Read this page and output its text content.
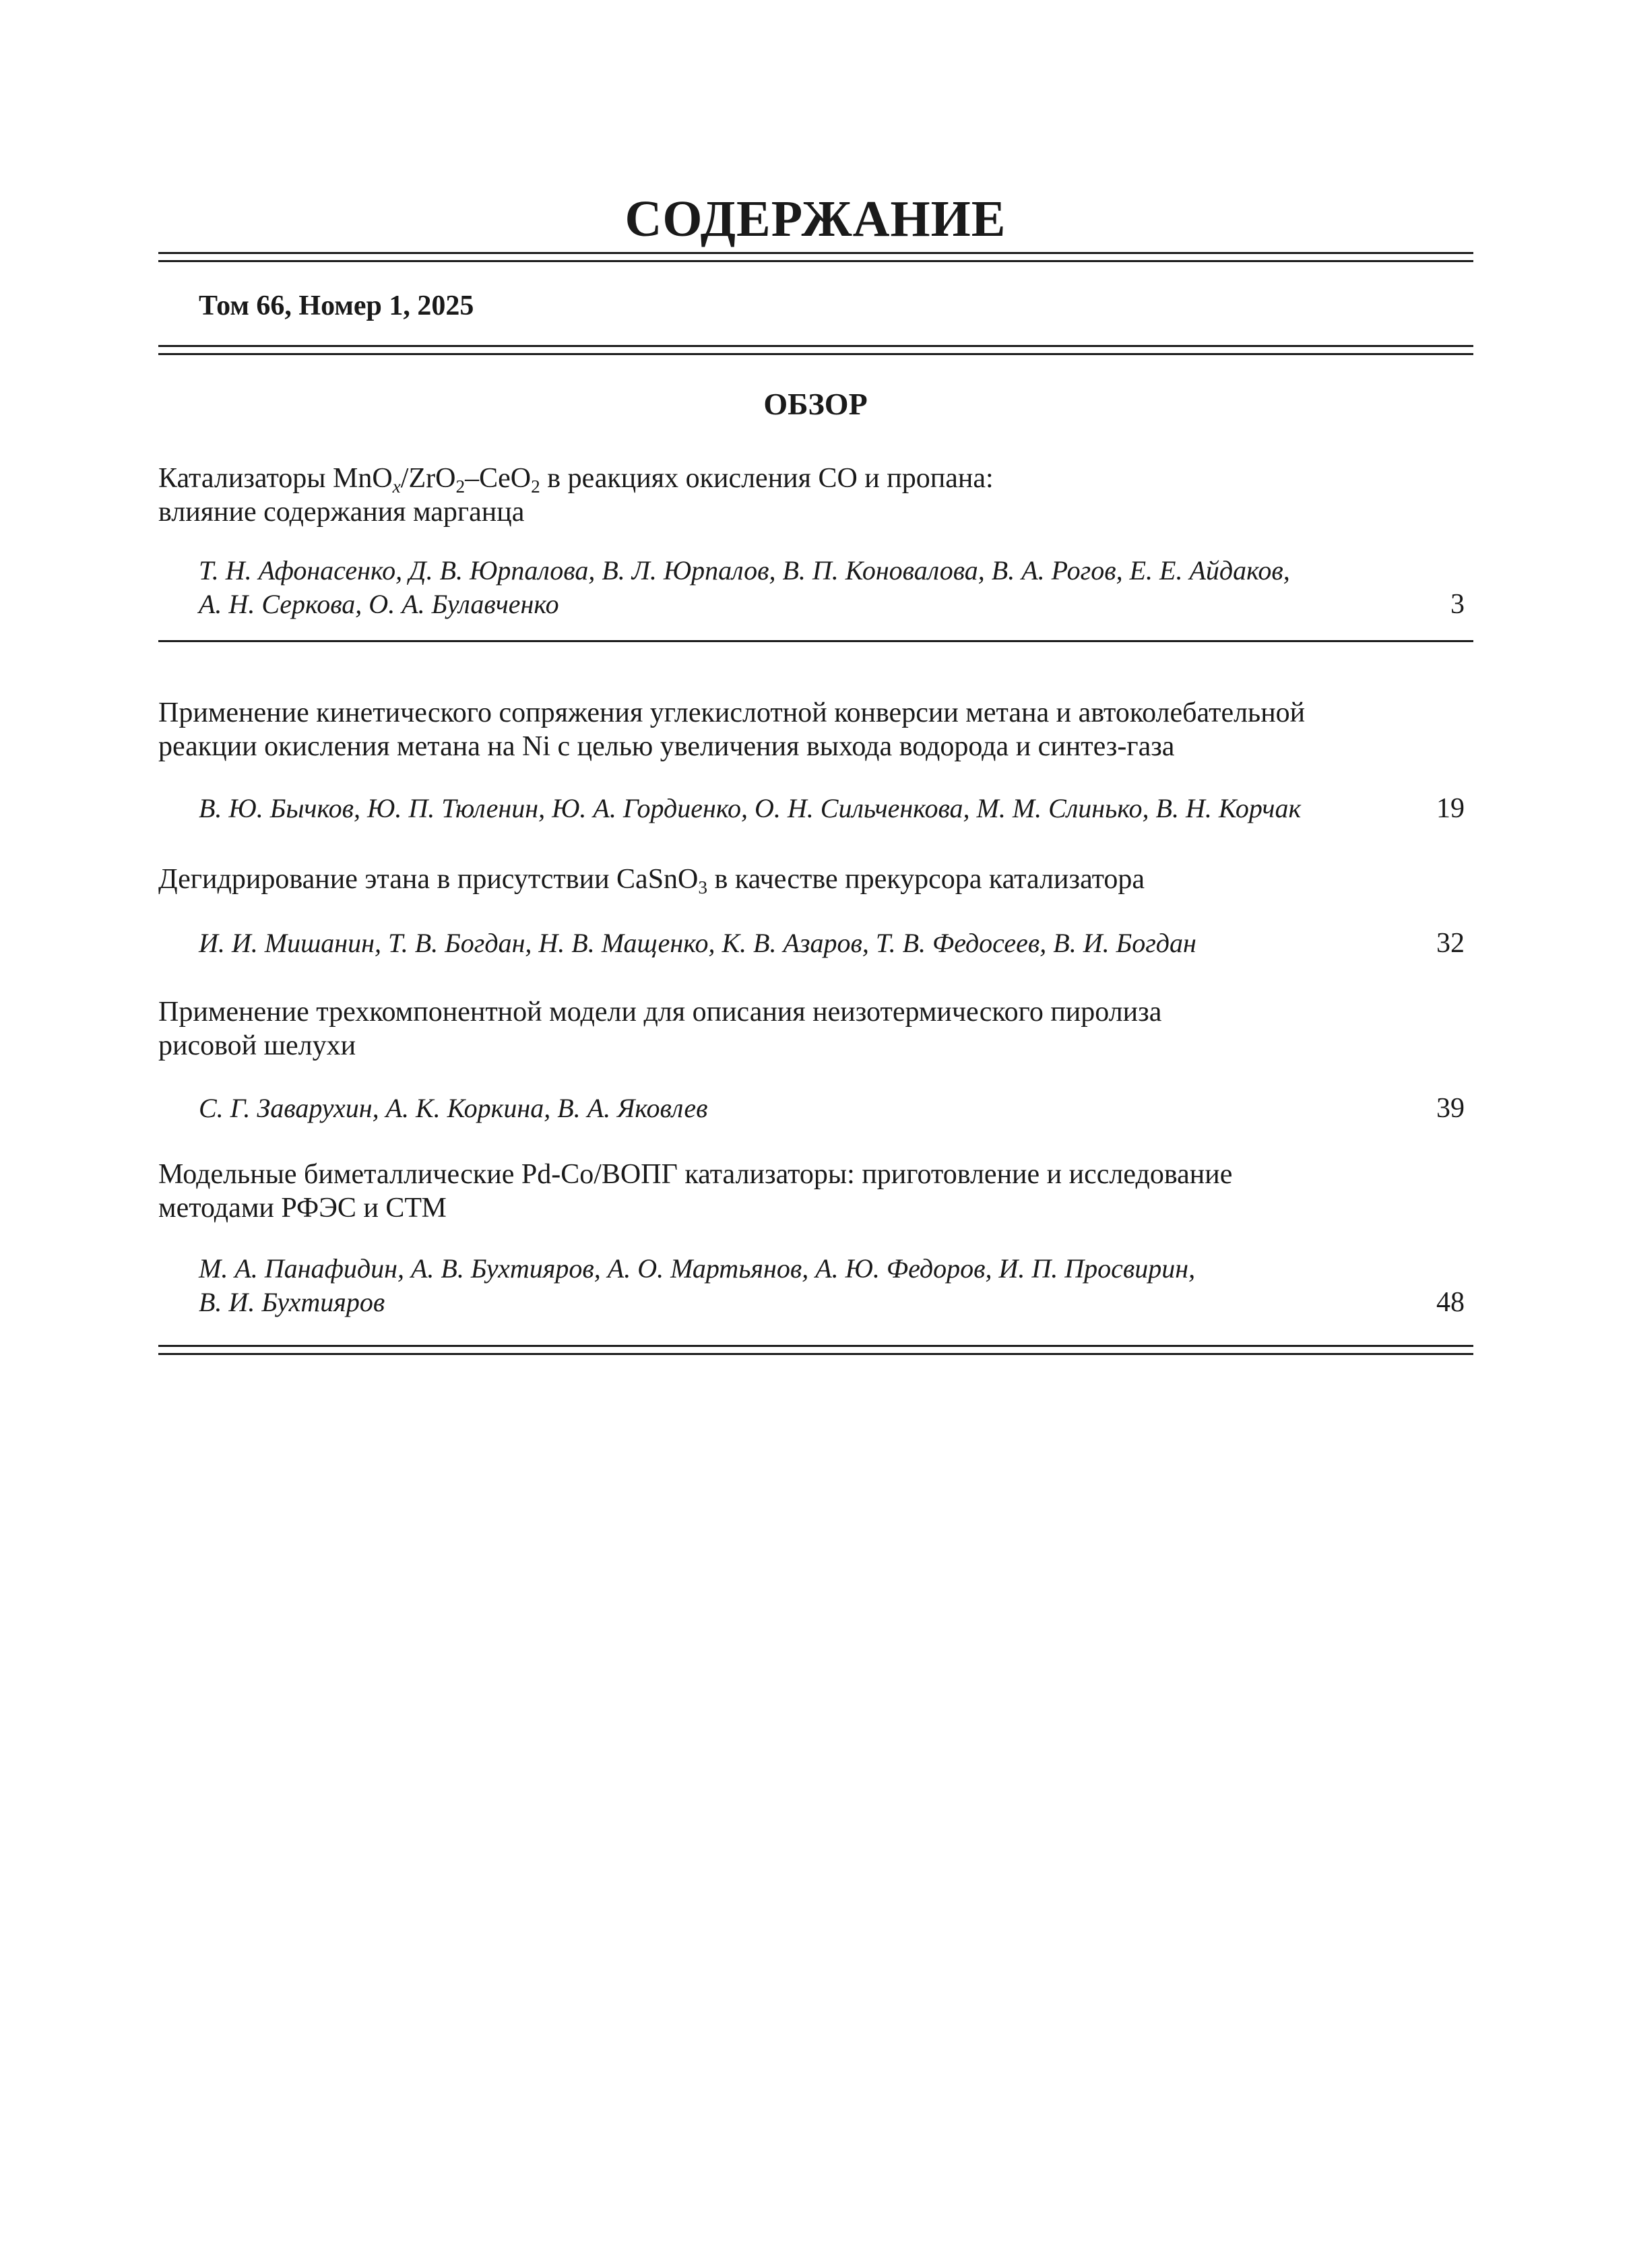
СОДЕРЖАНИЕ
Том 66, Номер 1, 2025
ОБЗОР
Катализаторы MnO$_x$/ZrO$_2$–CeO$_2$ в реакциях окисления СО и пропана:
влияние содержания марганца
Т. Н. Афонасенко, Д. В. Юрпалова, В. Л. Юрпалов, В. П. Коновалова, В. А. Рогов, Е. Е. Айдаков,
А. Н. Серкова, О. А. Булавченко	3
Применение кинетического сопряжения углекислотной конверсии метана и автоколебательной
реакции окисления метана на Ni с целью увеличения выхода водорода и синтез-газа
В. Ю. Бычков, Ю. П. Тюленин, Ю. А. Гордиенко, О. Н. Сильченкова, М. М. Слинько, В. Н. Корчак	19
Дегидрирование этана в присутствии CaSnO$_3$ в качестве прекурсора катализатора
И. И. Мишанин, Т. В. Богдан, Н. В. Мащенко, К. В. Азаров, Т. В. Федосеев, В. И. Богдан	32
Применение трехкомпонентной модели для описания неизотермического пиролиза
рисовой шелухи
С. Г. Заварухин, А. К. Коркина, В. А. Яковлев	39
Модельные биметаллические Pd-Co/ВОПГ катализаторы: приготовление и исследование
методами РФЭС и СТМ
М. А. Панафидин, А. В. Бухтияров, А. О. Мартьянов, А. Ю. Федоров, И. П. Просвирин,
В. И. Бухтияров	48
